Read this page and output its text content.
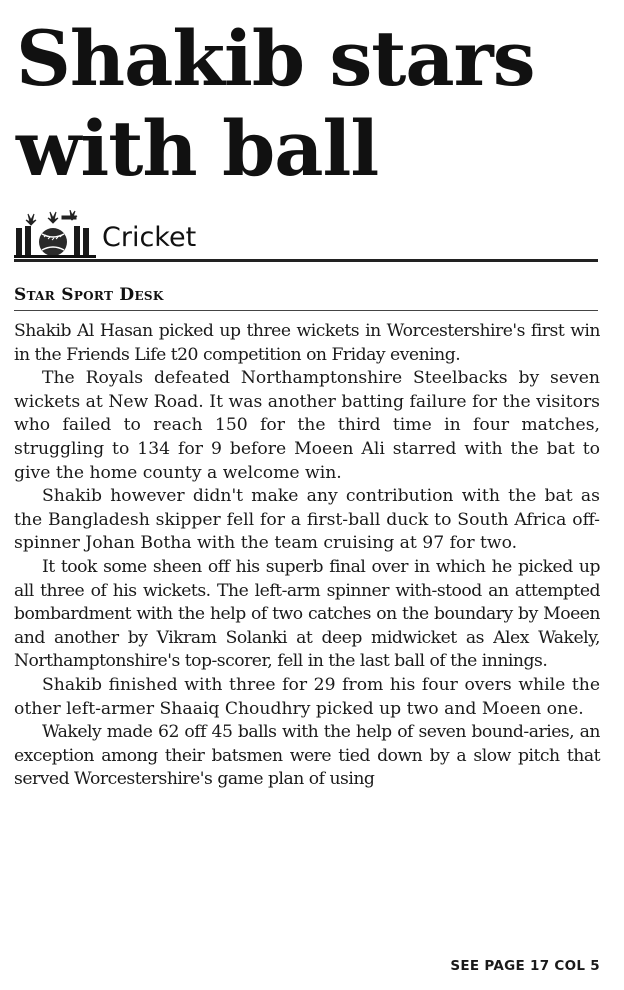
Shakib stars with ball
Cricket
Star Sport Desk

Shakib Al Hasan picked up three wickets in Worcestershire's first win in the Friends Life t20 competition on Friday evening.

The Royals defeated Northamptonshire Steelbacks by seven wickets at New Road. It was another batting failure for the visitors who failed to reach 150 for the third time in four matches, struggling to 134 for 9 before Moeen Ali starred with the bat to give the home county a welcome win.

Shakib however didn't make any contribution with the bat as the Bangladesh skipper fell for a first-ball duck to South Africa off-spinner Johan Botha with the team cruising at 97 for two.

It took some sheen off his superb final over in which he picked up all three of his wickets. The left-arm spinner with-stood an attempted bombardment with the help of two catches on the boundary by Moeen and another by Vikram Solanki at deep midwicket as Alex Wakely, Northamptonshire's top-scorer, fell in the last ball of the innings.

Shakib finished with three for 29 from his four overs while the other left-armer Shaaiq Choudhry picked up two and Moeen one.

Wakely made 62 off 45 balls with the help of seven bound-aries, an exception among their batsmen were tied down by a slow pitch that served Worcestershire's game plan of using

SEE PAGE 17 COL 5
